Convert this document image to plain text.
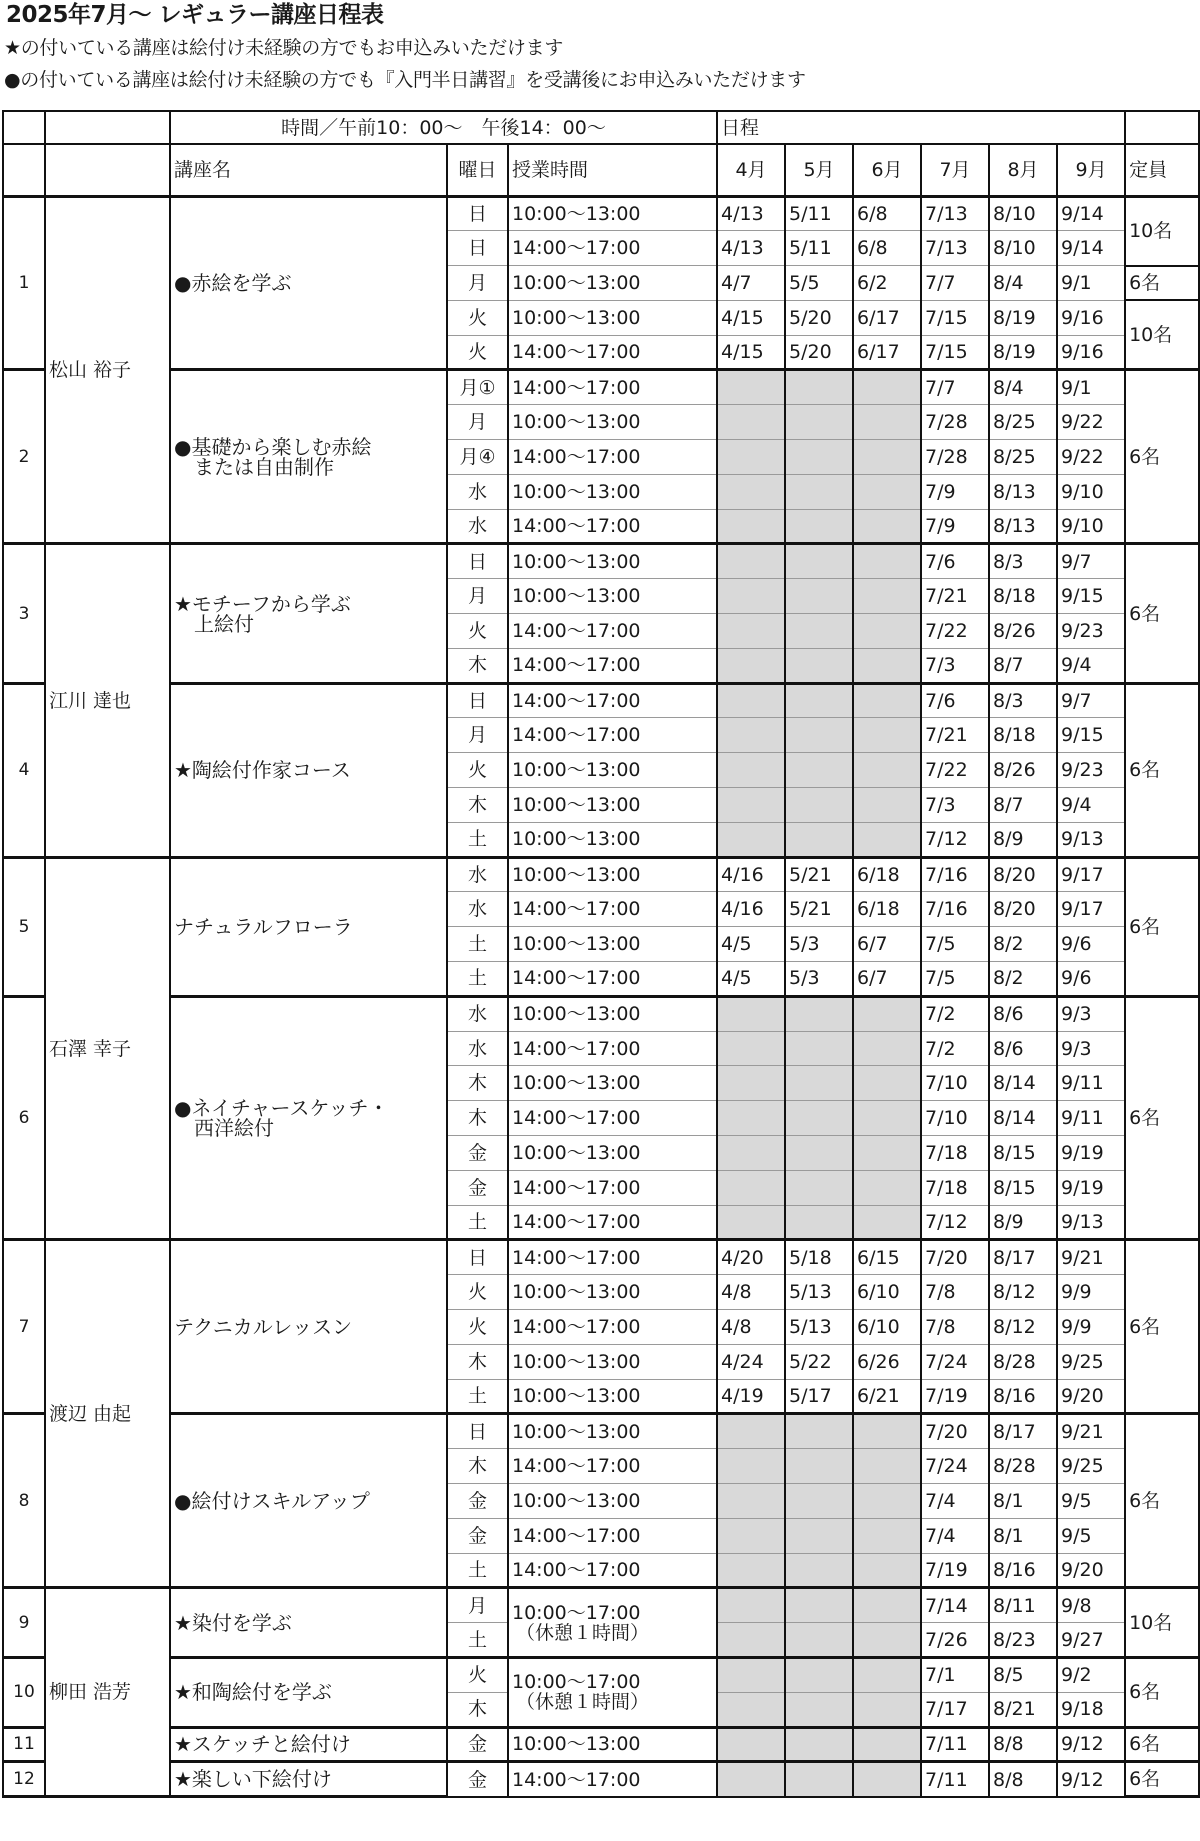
2025年7月～ レギュラー講座日程表
★の付いている講座は絵付け未経験の方でもお申込みいただけます
●の付いている講座は絵付け未経験の方でも『入門半日講習』を受講後にお申込みいただけます
		時間／午前10：00～　午後14：00～			日程						
		講座名	曜日	授業時間	4月	5月	6月	7月	8月	9月	定員
1	松山 裕子	●赤絵を学ぶ	日	10:00～13:00	4/13	5/11	6/8	7/13	8/10	9/14	10名
			日	14:00～17:00	4/13	5/11	6/8	7/13	8/10	9/14	
			月	10:00～13:00	4/7	5/5	6/2	7/7	8/4	9/1	6名
			火	10:00～13:00	4/15	5/20	6/17	7/15	8/19	9/16	10名
			火	14:00～17:00	4/15	5/20	6/17	7/15	8/19	9/16	
2		●基礎から楽しむ赤絵
または自由制作	月①	14:00～17:00				7/7	8/4	9/1	6名
			月	10:00～13:00				7/28	8/25	9/22	
			月④	14:00～17:00				7/28	8/25	9/22	
			水	10:00～13:00				7/9	8/13	9/10	
			水	14:00～17:00				7/9	8/13	9/10	
3	江川 達也	★モチーフから学ぶ
上絵付	日	10:00～13:00				7/6	8/3	9/7	6名
			月	10:00～13:00				7/21	8/18	9/15	
			火	14:00～17:00				7/22	8/26	9/23	
			木	14:00～17:00				7/3	8/7	9/4	
4		★陶絵付作家コース	日	14:00～17:00				7/6	8/3	9/7	6名
			月	14:00～17:00				7/21	8/18	9/15	
			火	10:00～13:00				7/22	8/26	9/23	
			木	10:00～13:00				7/3	8/7	9/4	
			土	10:00～13:00				7/12	8/9	9/13	
5	石澤 幸子	ナチュラルフローラ	水	10:00～13:00	4/16	5/21	6/18	7/16	8/20	9/17	6名
			水	14:00～17:00	4/16	5/21	6/18	7/16	8/20	9/17	
			土	10:00～13:00	4/5	5/3	6/7	7/5	8/2	9/6	
			土	14:00～17:00	4/5	5/3	6/7	7/5	8/2	9/6	
6		●ネイチャースケッチ・
西洋絵付	水	10:00～13:00				7/2	8/6	9/3	6名
			水	14:00～17:00				7/2	8/6	9/3	
			木	10:00～13:00				7/10	8/14	9/11	
			木	14:00～17:00				7/10	8/14	9/11	
			金	10:00～13:00				7/18	8/15	9/19	
			金	14:00～17:00				7/18	8/15	9/19	
			土	14:00～17:00				7/12	8/9	9/13	
7	渡辺 由起	テクニカルレッスン	日	14:00～17:00	4/20	5/18	6/15	7/20	8/17	9/21	6名
			火	10:00～13:00	4/8	5/13	6/10	7/8	8/12	9/9	
			火	14:00～17:00	4/8	5/13	6/10	7/8	8/12	9/9	
			木	10:00～13:00	4/24	5/22	6/26	7/24	8/28	9/25	
			土	10:00～13:00	4/19	5/17	6/21	7/19	8/16	9/20	
8		●絵付けスキルアップ	日	10:00～13:00				7/20	8/17	9/21	6名
			木	14:00～17:00				7/24	8/28	9/25	
			金	10:00～13:00				7/4	8/1	9/5	
			金	14:00～17:00				7/4	8/1	9/5	
			土	14:00～17:00				7/19	8/16	9/20	
9	柳田 浩芳	★染付を学ぶ	月	10:00～17:00
（休憩１時間）				7/14	8/11	9/8	10名
			土					7/26	8/23	9/27	
10		★和陶絵付を学ぶ	火	10:00～17:00
（休憩１時間）				7/1	8/5	9/2	6名
			木					7/17	8/21	9/18	
11		★スケッチと絵付け	金	10:00～13:00				7/11	8/8	9/12	6名
12		★楽しい下絵付け	金	14:00～17:00				7/11	8/8	9/12	6名
